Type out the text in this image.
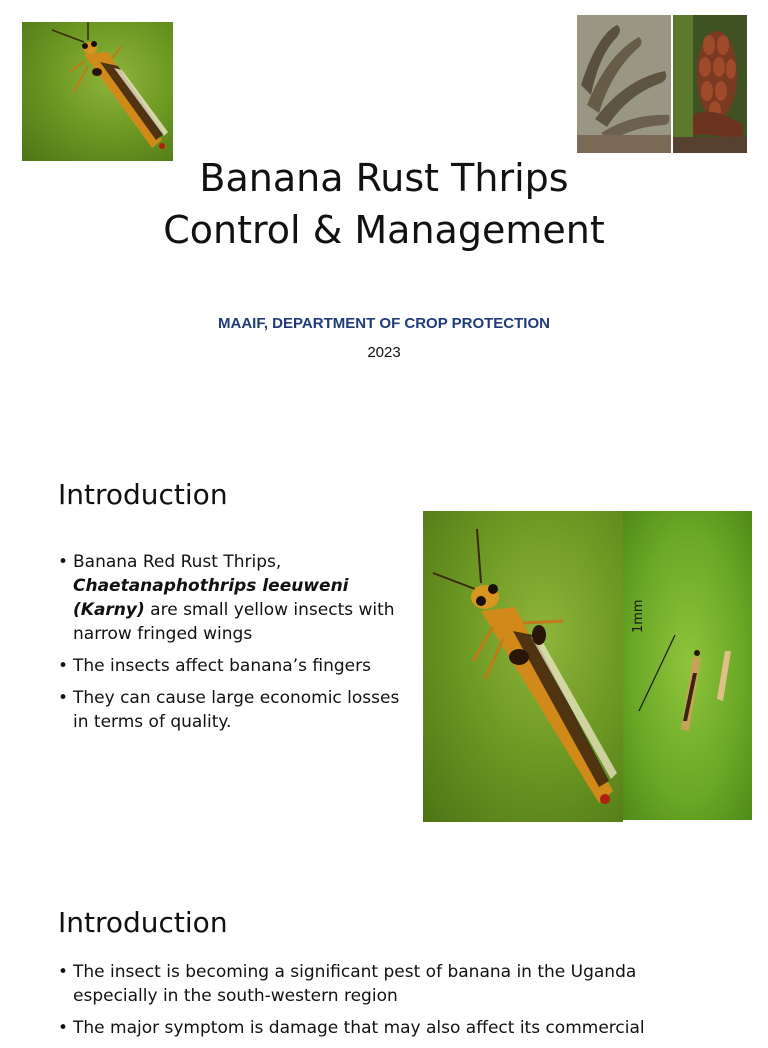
Banana Rust Thrips
Control & Management
MAAIF, DEPARTMENT OF CROP PROTECTION
2023
Introduction
• Banana Red Rust Thrips, Chaetanaphothrips leeuweni (Karny) are small yellow insects with narrow fringed wings
• The insects affect banana’s fingers
• They can cause large economic losses in terms of quality.
1mm
Introduction
• The insect is becoming a significant pest of banana in the Uganda especially in the south-western region
• The major symptom is damage that may also affect its commercial
